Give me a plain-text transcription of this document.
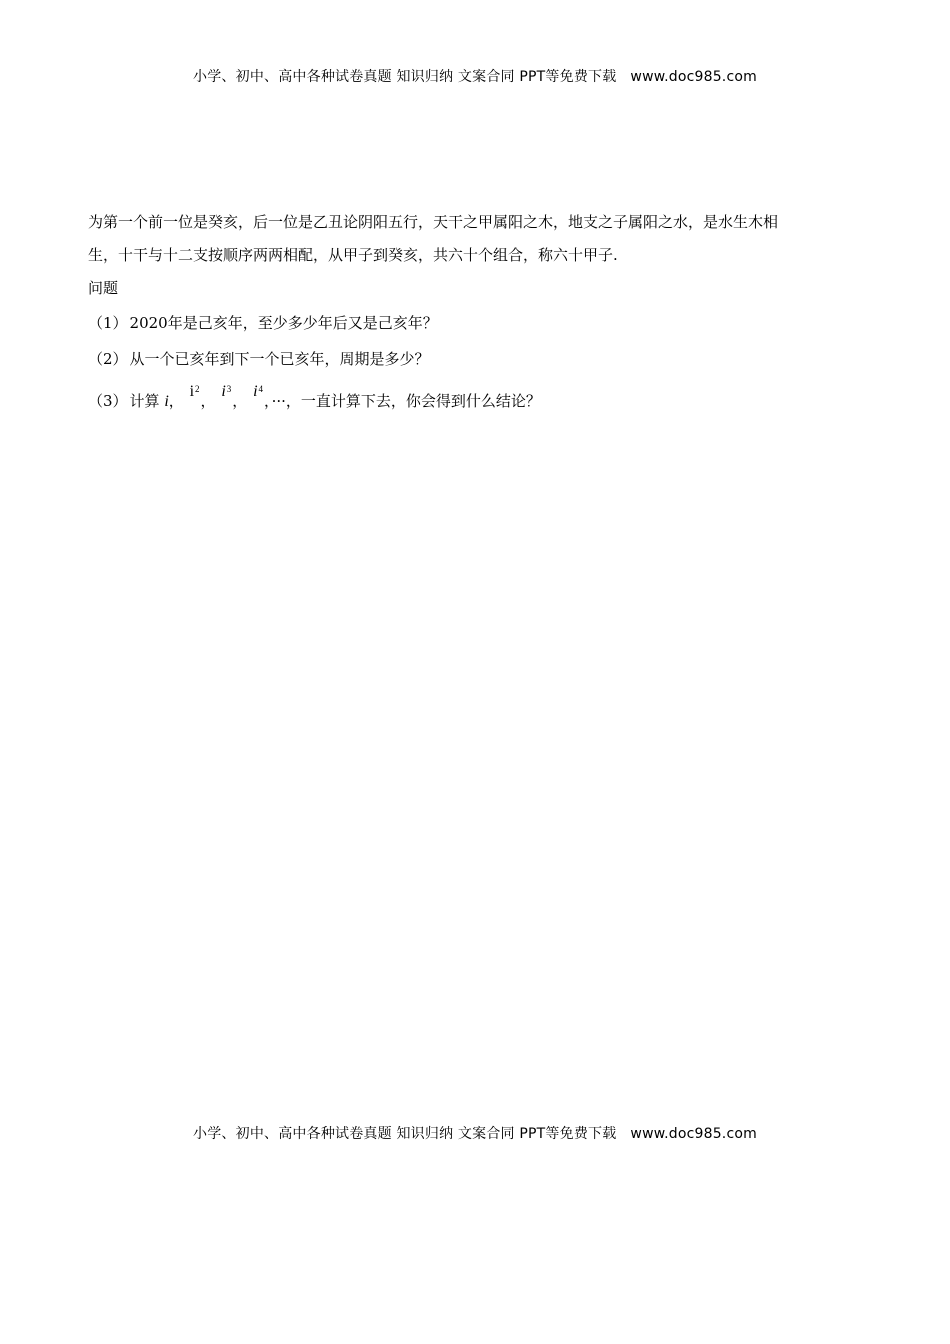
小学、初中、高中各种试卷真题 知识归纳 文案合同 PPT等免费下载 www.doc985.com

为第一个前一位是癸亥，后一位是乙丑论阴阳五行，天干之甲属阳之木，地支之子属阳之水，是水生木相

生，十干与十二支按顺序两两相配，从甲子到癸亥，共六十个组合，称六十甲子.

问题

（1） 2020年是己亥年，至少多少年后又是己亥年？

（2） 从一个已亥年到下一个已亥年，周期是多少？

（3） 计算 i， $i^2$， $i^3$， $i^4$，···，一直计算下去，你会得到什么结论？

小学、初中、高中各种试卷真题 知识归纳 文案合同 PPT等免费下载 www.doc985.com
